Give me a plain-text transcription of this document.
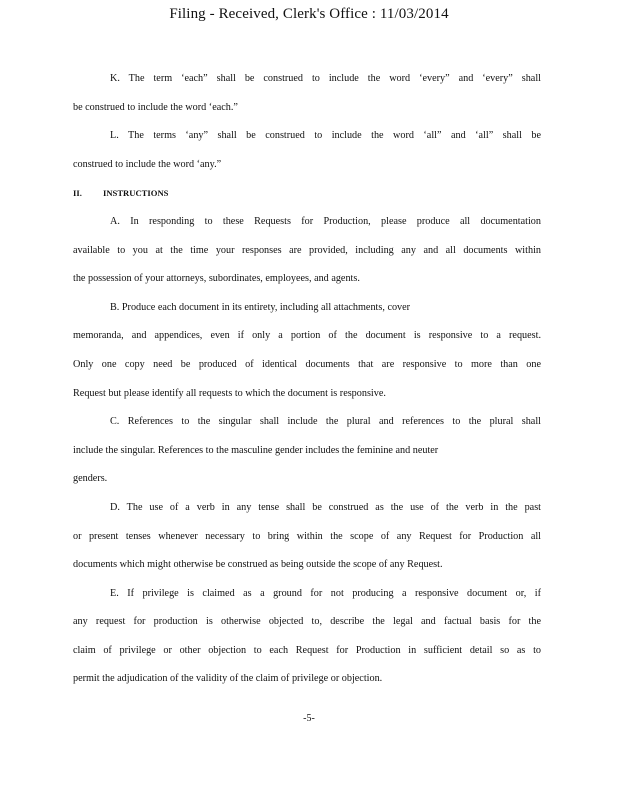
Filing - Received, Clerk's Office : 11/03/2014
K. The term ‘each” shall be construed to include the word ‘every” and ‘every” shall
be construed to include the word ‘each.”
L. The terms ‘any” shall be construed to include the word ‘all” and ‘all” shall be
construed to include the word ‘any.”
II. INSTRUCTIONS
A. In responding to these Requests for Production, please produce all documentation
available to you at the time your responses are provided, including any and all documents within
the possession of your attorneys, subordinates, employees, and agents.
B. Produce each document in its entirety, including all attachments, cover
memoranda, and appendices, even if only a portion of the document is responsive to a request.
Only one copy need be produced of identical documents that are responsive to more than one
Request but please identify all requests to which the document is responsive.
C. References to the singular shall include the plural and references to the plural shall
include the singular. References to the masculine gender includes the feminine and neuter
genders.
D. The use of a verb in any tense shall be construed as the use of the verb in the past
or present tenses whenever necessary to bring within the scope of any Request for Production all
documents which might otherwise be construed as being outside the scope of any Request.
E. If privilege is claimed as a ground for not producing a responsive document or, if
any request for production is otherwise objected to, describe the legal and factual basis for the
claim of privilege or other objection to each Request for Production in sufficient detail so as to
permit the adjudication of the validity of the claim of privilege or objection.
-5-
